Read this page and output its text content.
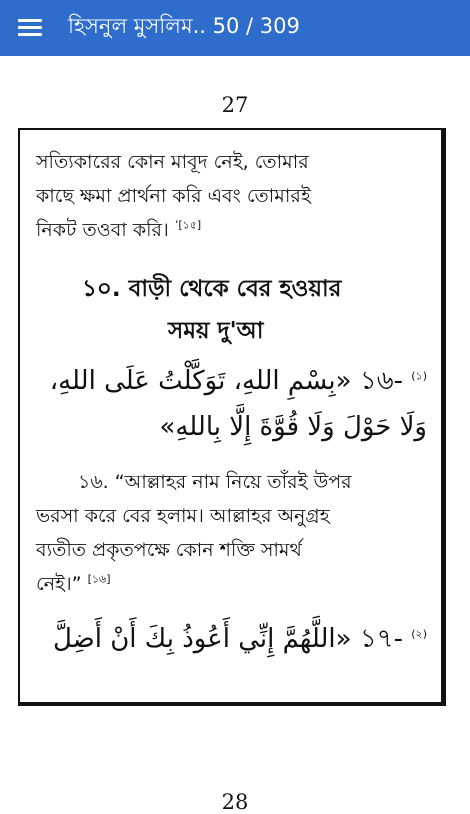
হিসনুল মুসলিম.. 50 / 309
27
সত্যিকারের কোন মাবূদ নেই, তোমার
কাছে ক্ষমা প্রার্থনা করি এবং তোমারই
নিকট তওবা করি। $^{’[১৫]}$
১০. বাড়ী থেকে বের হওয়ার
সময় দু'আ
১৬- $^{(১)}$ «بِسْمِ اللهِ، تَوَكَّلْتُ عَلَى اللهِ،
وَلَا حَوْلَ وَلَا قُوَّةَ إِلَّا بِاللهِ»
১৬. “আল্লাহর নাম নিয়ে তাঁরই উপর
ভরসা করে বের হলাম। আল্লাহর অনুগ্রহ
ব্যতীত প্রকৃতপক্ষে কোন শক্তি সামর্থ
নেই।” [১৬]
১৭- $^{(২)}$ «اللَّهُمَّ إِنِّي أَعُوذُ بِكَ أَنْ أَضِلَّ
28
